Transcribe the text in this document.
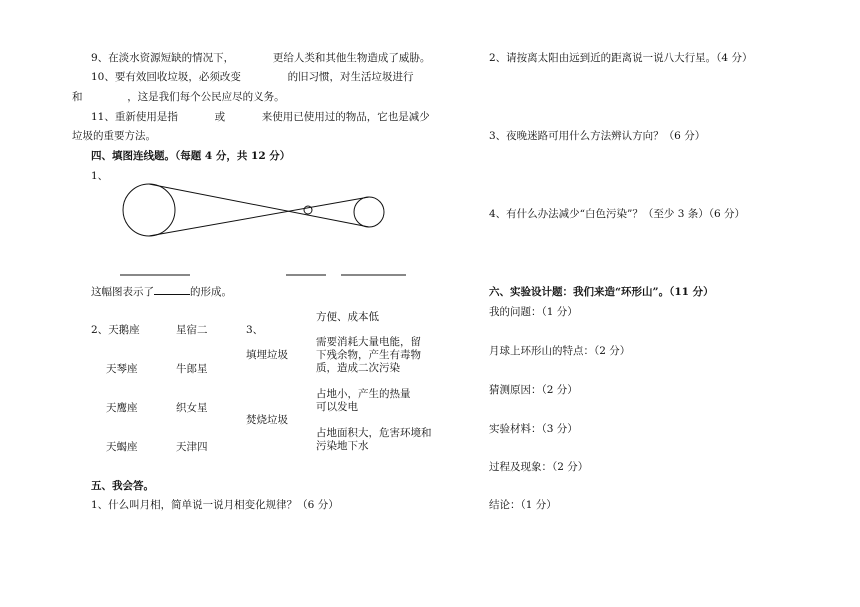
9、在淡水资源短缺的情况下，	更给人类和其他生物造成了威胁。
10、要有效回收垃圾，必须改变	的旧习惯，对生活垃圾进行
和	，这是我们每个公民应尽的义务。
11、重新使用是指	或	来使用已使用过的物品，它也是减少
垃圾的重要方法。
四、填图连线题。（每题 4 分，共 12 分）
1、
这幅图表示了	的形成。
2、天鹅座	星宿二
天琴座	牛郎星
天鹰座	织女星
天蝎座	天津四
3、
填埋垃圾
焚烧垃圾
方便、成本低
需要消耗大量电能，留
下残余物，产生有毒物
质，造成二次污染
占地小，产生的热量
可以发电
占地面积大，危害环境和
污染地下水
五、我会答。
1、什么叫月相，简单说一说月相变化规律？（6 分）
2、请按离太阳由远到近的距离说一说八大行星。（4 分）
3、夜晚迷路可用什么方法辨认方向？（6 分）
4、有什么办法减少“白色污染”？（至少 3 条）（6 分）
六、实验设计题：我们来造“环形山”。（11 分）
我的问题：（1 分）
月球上环形山的特点：（2 分）
猜测原因：（2 分）
实验材料：（3 分）
过程及现象：（2 分）
结论：（1 分）
